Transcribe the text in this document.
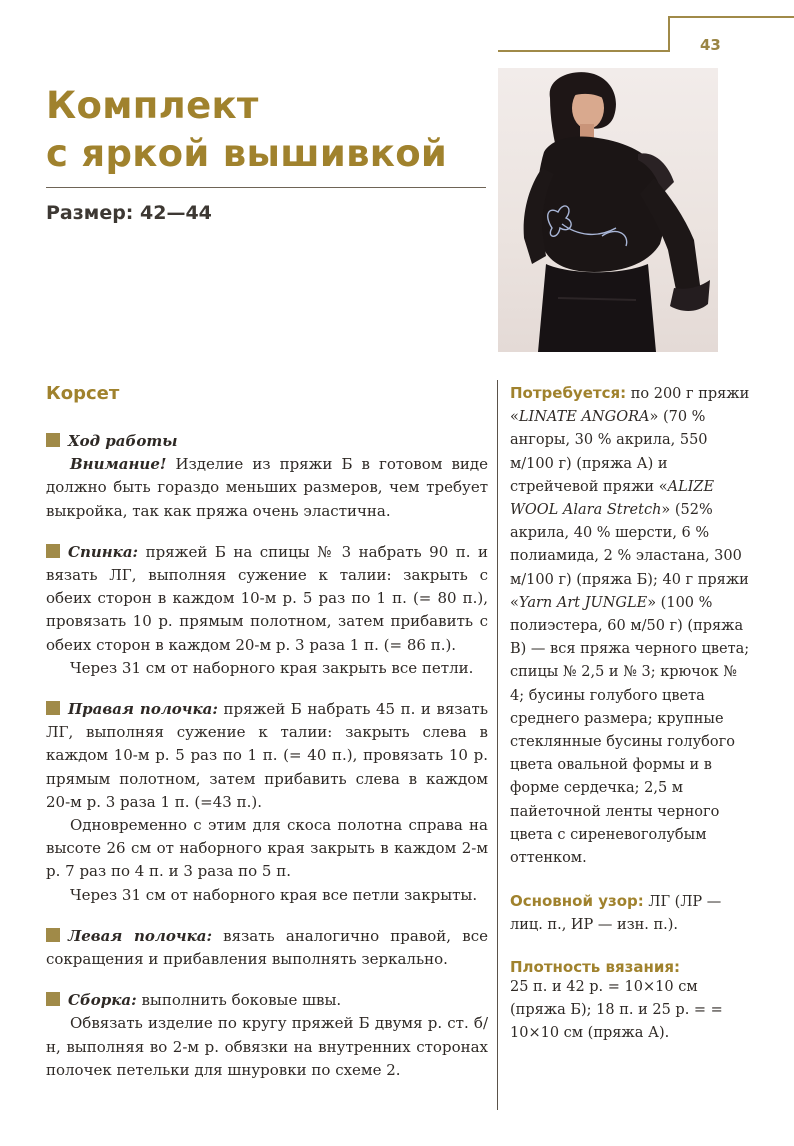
43
Комплект
с яркой вышивкой
Размер: 42—44
Корсет

Ход работы

Внимание! Изделие из пряжи Б в готовом виде должно быть гораздо меньших размеров, чем требует выкройка, так как пряжа очень эластична.

Спинка: пряжей Б на спицы № 3 набрать 90 п. и вязать ЛГ, выполняя сужение к талии: закрыть с обеих сторон в каждом 10-м р. 5 раз по 1 п. (= 80 п.), провязать 10 р. прямым полотном, затем прибавить с обеих сторон в каждом 20-м р. 3 раза 1 п. (= 86 п.).

Через 31 см от наборного края закрыть все петли.

Правая полочка: пряжей Б набрать 45 п. и вязать ЛГ, выполняя сужение к талии: закрыть слева в каждом 10-м р. 5 раз по 1 п. (= 40 п.), провязать 10 р. прямым полотном, затем прибавить слева в каждом 20-м р. 3 раза 1 п. (=43 п.).

Одновременно с этим для скоса полотна справа на высоте 26 см от наборного края закрыть в каждом 2-м р. 7 раз по 4 п. и 3 раза по 5 п.

Через 31 см от наборного края все петли закрыты.

Левая полочка: вязать аналогично правой, все сокращения и прибавления выполнять зеркально.

Сборка: выполнить боковые швы.

Обвязать изделие по кругу пряжей Б двумя р. ст. б/н, выполняя во 2-м р. обвязки на внутренних сторонах полочек петельки для шнуровки по схеме 2.

Потребуется: по 200 г пряжи «LINATE ANGORA» (70 % ангоры, 30 % акрила, 550 м/100 г) (пряжа А) и стрейчевой пряжи «ALIZE WOOL Alara Stretch» (52% акрила, 40 % шерсти, 6 % полиамида, 2 % эластана, 300 м/100 г) (пряжа Б); 40 г пряжи «Yarn Art JUNGLE» (100 % полиэстера, 60 м/50 г) (пряжа В) — вся пряжа черного цвета; спицы № 2,5 и № 3; крючок № 4; бусины голубого цвета среднего размера; крупные стеклянные бусины голубого цвета овальной формы и в форме сердечка; 2,5 м пайеточной ленты черного цвета с сиреневоголубым оттенком.

Основной узор: ЛГ (ЛР — лиц. п., ИР — изн. п.).

Плотность вязания:

25 п. и 42 р. = 10×10 см (пряжа Б); 18 п. и 25 р. = = 10×10 см (пряжа А).
